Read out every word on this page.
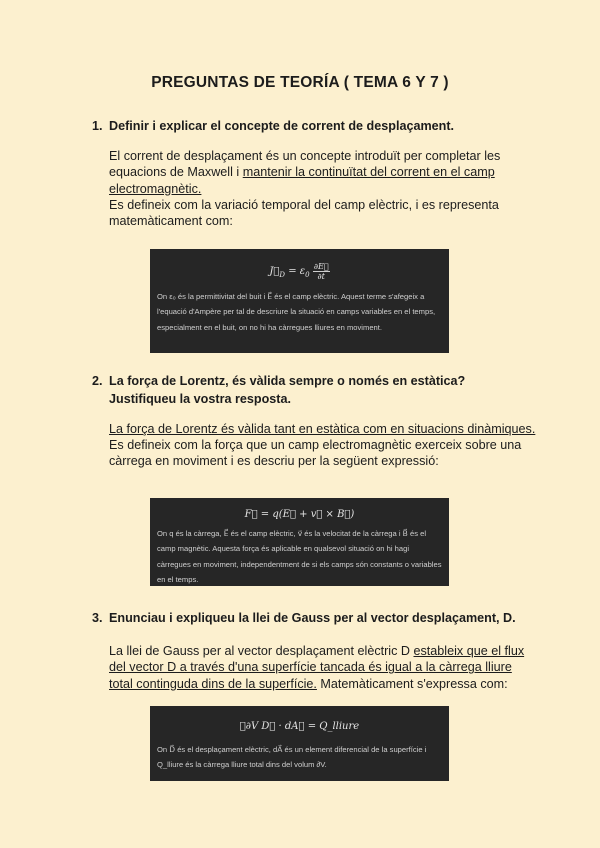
PREGUNTAS DE TEORÍA ( TEMA 6 Y 7 )
1. Definir i explicar el concepte de corrent de desplaçament.
El corrent de desplaçament és un concepte introduït per completar les equacions de Maxwell i mantenir la continuïtat del corrent en el camp electromagnètic.
Es defineix com la variació temporal del camp elèctric, i es representa matemàticament com:
$J⃗_D = \varepsilon_0 \frac{\partial E⃗}{\partial t}$
On ε₀ és la permittivitat del buit i E⃗ és el camp elèctric. Aquest terme s'afegeix a l'equació d'Ampère per tal de descriure la situació en camps variables en el temps, especialment en el buit, on no hi ha càrregues lliures en moviment.
2. La força de Lorentz, és vàlida sempre o només en estàtica? Justifiqueu la vostra resposta.
La força de Lorentz és vàlida tant en estàtica com en situacions dinàmiques.
Es defineix com la força que un camp electromagnètic exerceix sobre una càrrega en moviment i es descriu per la següent expressió:
F⃗ = q(E⃗ + v⃗ × B⃗)
On q és la càrrega, E⃗ és el camp elèctric, v⃗ és la velocitat de la càrrega i B⃗ és el camp magnètic. Aquesta força és aplicable en qualsevol situació on hi hagi càrregues en moviment, independentment de si els camps són constants o variables en el temps.
3. Enunciau i expliqueu la llei de Gauss per al vector desplaçament, D.
La llei de Gauss per al vector desplaçament elèctric D estableix que el flux del vector D a través d'una superfície tancada és igual a la càrrega lliure total continguda dins de la superfície. Matemàticament s'expressa com:
∮∂V D⃗ · dA⃗ = Q_lliure
On D⃗ és el desplaçament elèctric, dA⃗ és un element diferencial de la superfície i Q_lliure és la càrrega lliure total dins del volum ∂V.
